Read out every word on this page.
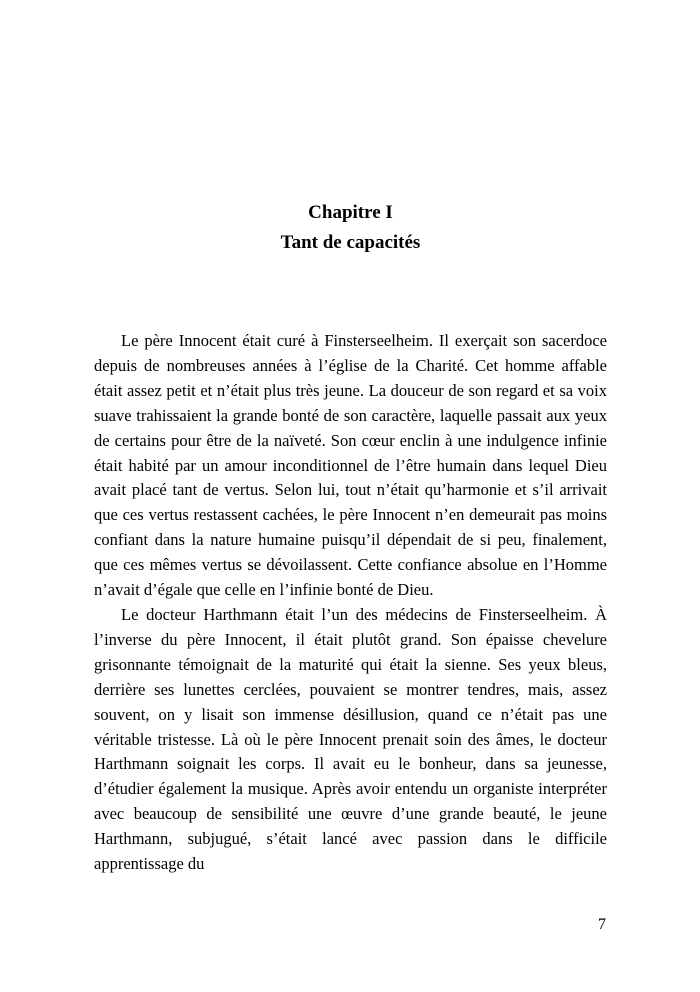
Chapitre I
Tant de capacités

Le père Innocent était curé à Finsterseelheim. Il exerçait son sacerdoce depuis de nombreuses années à l’église de la Charité. Cet homme affable était assez petit et n’était plus très jeune. La douceur de son regard et sa voix suave trahissaient la grande bonté de son caractère, laquelle passait aux yeux de certains pour être de la naïveté. Son cœur enclin à une indulgence infinie était habité par un amour inconditionnel de l’être humain dans lequel Dieu avait placé tant de vertus. Selon lui, tout n’était qu’harmonie et s’il arrivait que ces vertus restassent cachées, le père Innocent n’en demeurait pas moins confiant dans la nature humaine puisqu’il dépendait de si peu, finalement, que ces mêmes vertus se dévoilassent. Cette confiance absolue en l’Homme n’avait d’égale que celle en l’infinie bonté de Dieu.

Le docteur Harthmann était l’un des médecins de Finsterseelheim. À l’inverse du père Innocent, il était plutôt grand. Son épaisse chevelure grisonnante témoignait de la maturité qui était la sienne. Ses yeux bleus, derrière ses lunettes cerclées, pouvaient se montrer tendres, mais, assez souvent, on y lisait son immense désillusion, quand ce n’était pas une véritable tristesse. Là où le père Innocent prenait soin des âmes, le docteur Harthmann soignait les corps. Il avait eu le bonheur, dans sa jeunesse, d’étudier également la musique. Après avoir entendu un organiste interpréter avec beaucoup de sensibilité une œuvre d’une grande beauté, le jeune Harthmann, subjugué, s’était lancé avec passion dans le difficile apprentissage du

7
